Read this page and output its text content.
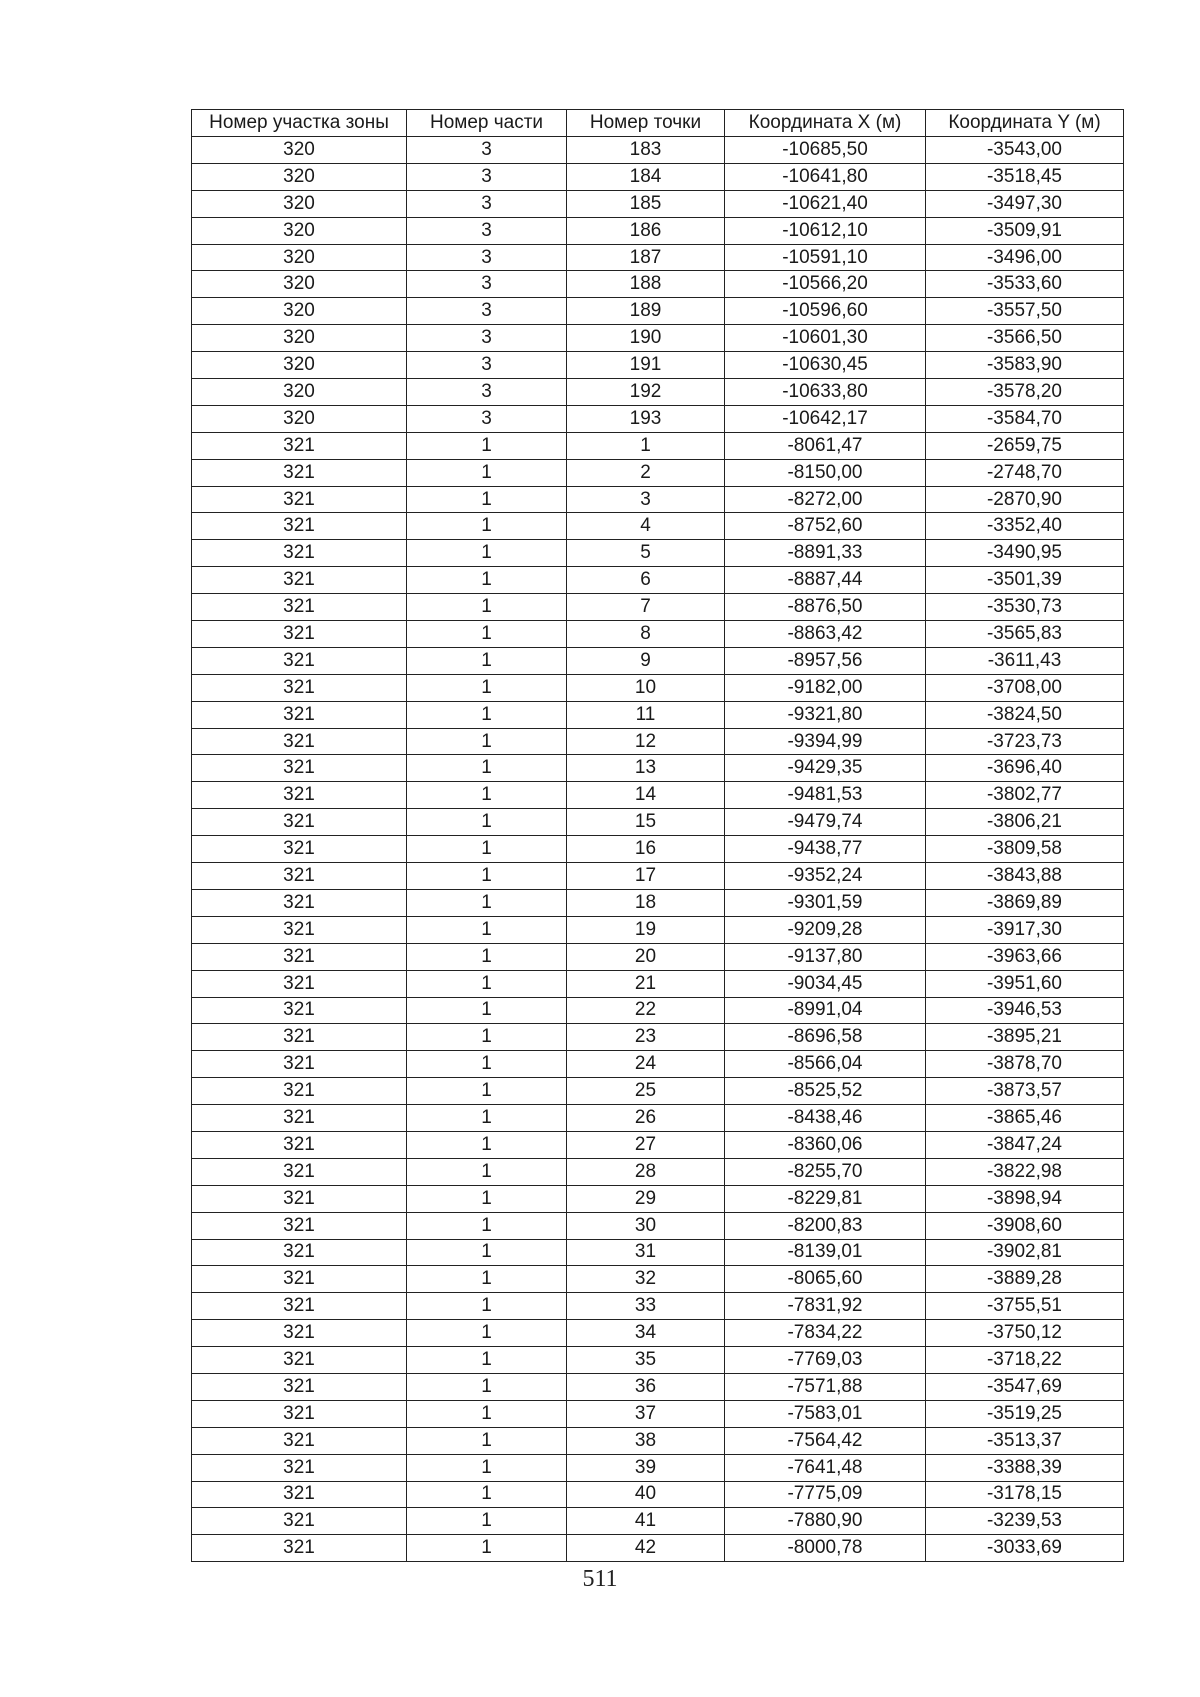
Номер участка зоны	Номер части	Номер точки	Координата X (м)	Координата Y (м)
320	3	183	-10685,50	-3543,00
320	3	184	-10641,80	-3518,45
320	3	185	-10621,40	-3497,30
320	3	186	-10612,10	-3509,91
320	3	187	-10591,10	-3496,00
320	3	188	-10566,20	-3533,60
320	3	189	-10596,60	-3557,50
320	3	190	-10601,30	-3566,50
320	3	191	-10630,45	-3583,90
320	3	192	-10633,80	-3578,20
320	3	193	-10642,17	-3584,70
321	1	1	-8061,47	-2659,75
321	1	2	-8150,00	-2748,70
321	1	3	-8272,00	-2870,90
321	1	4	-8752,60	-3352,40
321	1	5	-8891,33	-3490,95
321	1	6	-8887,44	-3501,39
321	1	7	-8876,50	-3530,73
321	1	8	-8863,42	-3565,83
321	1	9	-8957,56	-3611,43
321	1	10	-9182,00	-3708,00
321	1	11	-9321,80	-3824,50
321	1	12	-9394,99	-3723,73
321	1	13	-9429,35	-3696,40
321	1	14	-9481,53	-3802,77
321	1	15	-9479,74	-3806,21
321	1	16	-9438,77	-3809,58
321	1	17	-9352,24	-3843,88
321	1	18	-9301,59	-3869,89
321	1	19	-9209,28	-3917,30
321	1	20	-9137,80	-3963,66
321	1	21	-9034,45	-3951,60
321	1	22	-8991,04	-3946,53
321	1	23	-8696,58	-3895,21
321	1	24	-8566,04	-3878,70
321	1	25	-8525,52	-3873,57
321	1	26	-8438,46	-3865,46
321	1	27	-8360,06	-3847,24
321	1	28	-8255,70	-3822,98
321	1	29	-8229,81	-3898,94
321	1	30	-8200,83	-3908,60
321	1	31	-8139,01	-3902,81
321	1	32	-8065,60	-3889,28
321	1	33	-7831,92	-3755,51
321	1	34	-7834,22	-3750,12
321	1	35	-7769,03	-3718,22
321	1	36	-7571,88	-3547,69
321	1	37	-7583,01	-3519,25
321	1	38	-7564,42	-3513,37
321	1	39	-7641,48	-3388,39
321	1	40	-7775,09	-3178,15
321	1	41	-7880,90	-3239,53
321	1	42	-8000,78	-3033,69
511
